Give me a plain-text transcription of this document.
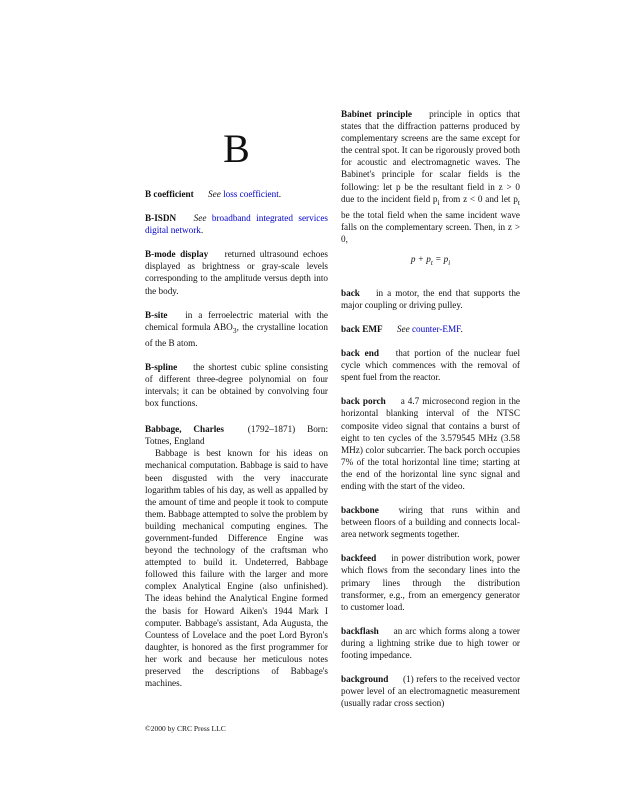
B

B coefficient See loss coefficient.

B-ISDN See broadband integrated services digital network.

B-mode display returned ultrasound echoes displayed as brightness or gray-scale levels corresponding to the amplitude versus depth into the body.

B-site in a ferroelectric material with the chemical formula $ABO_3$, the crystalline location of the B atom.

B-spline the shortest cubic spline consisting of different three-degree polynomial on four intervals; it can be obtained by convolving four box functions.

Babbage, Charles	(1792–1871) Born: Totnes, England

Babbage is best known for his ideas on mechanical computation. Babbage is said to have been disgusted with the very inaccurate logarithm tables of his day, as well as appalled by the amount of time and people it took to compute them. Babbage attempted to solve the problem by building mechanical computing engines. The government-funded Difference Engine was beyond the technology of the craftsman who attempted to build it. Undeterred, Babbage followed this failure with the larger and more complex Analytical Engine (also unfinished). The ideas behind the Analytical Engine formed the basis for Howard Aiken's 1944 Mark I computer. Babbage's assistant, Ada Augusta, the Countess of Lovelace and the poet Lord Byron's daughter, is honored as the first programmer for her work and because her meticulous notes preserved the descriptions of Babbage's machines.

Babinet principle principle in optics that states that the diffraction patterns produced by complementary screens are the same except for the central spot. It can be rigorously proved both for acoustic and electromagnetic waves. The Babinet's principle for scalar fields is the following: let p be the resultant field in z > 0 due to the incident field $p_i$ from z < 0 and let $p_t$ be the total field when the same incident wave falls on the complementary screen. Then, in z > 0,

$p + p_t = p_i$

back in a motor, the end that supports the major coupling or driving pulley.

back EMF See counter-EMF.

back end that portion of the nuclear fuel cycle which commences with the removal of spent fuel from the reactor.

back porch a 4.7 microsecond region in the horizontal blanking interval of the NTSC composite video signal that contains a burst of eight to ten cycles of the 3.579545 MHz (3.58 MHz) color subcarrier. The back porch occupies 7% of the total horizontal line time; starting at the end of the horizontal line sync signal and ending with the start of the video.

backbone wiring that runs within and between floors of a building and connects local-area network segments together.

backfeed in power distribution work, power which flows from the secondary lines into the primary lines through the distribution transformer, e.g., from an emergency generator to customer load.

backflash an arc which forms along a tower during a lightning strike due to high tower or footing impedance.

background (1) refers to the received vector power level of an electromagnetic measurement (usually radar cross section)

©2000 by CRC Press LLC
